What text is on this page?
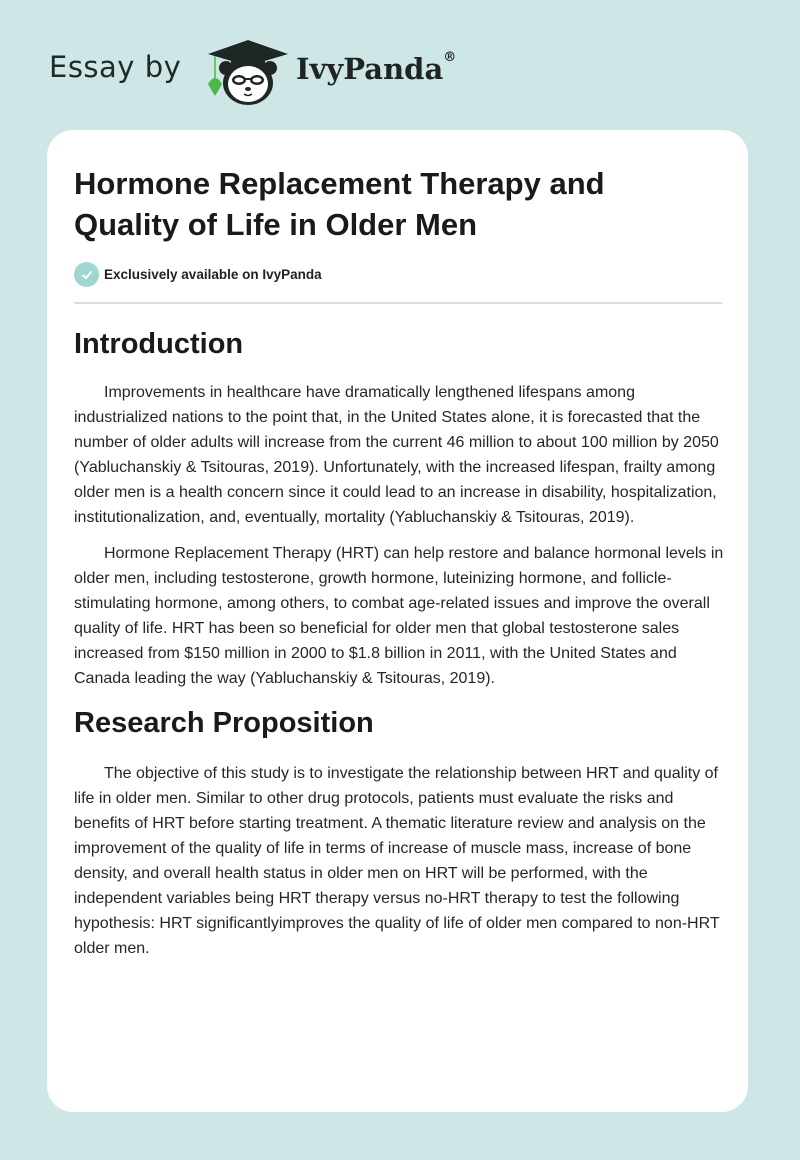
Essay by	IvyPanda®
Hormone Replacement Therapy and Quality of Life in Older Men
Exclusively available on IvyPanda
Introduction

Improvements in healthcare have dramatically lengthened lifespans among industrialized nations to the point that, in the United States alone, it is forecasted that the number of older adults will increase from the current 46 million to about 100 million by 2050 (Yabluchanskiy & Tsitouras, 2019). Unfortunately, with the increased lifespan, frailty among older men is a health concern since it could lead to an increase in disability, hospitalization, institutionalization, and, eventually, mortality (Yabluchanskiy & Tsitouras, 2019).

Hormone Replacement Therapy (HRT) can help restore and balance hormonal levels in older men, including testosterone, growth hormone, luteinizing hormone, and follicle-stimulating hormone, among others, to combat age-related issues and improve the overall quality of life. HRT has been so beneficial for older men that global testosterone sales increased from $150 million in 2000 to $1.8 billion in 2011, with the United States and Canada leading the way (Yabluchanskiy & Tsitouras, 2019).

Research Proposition

The objective of this study is to investigate the relationship between HRT and quality of life in older men. Similar to other drug protocols, patients must evaluate the risks and benefits of HRT before starting treatment. A thematic literature review and analysis on the improvement of the quality of life in terms of increase of muscle mass, increase of bone density, and overall health status in older men on HRT will be performed, with the independent variables being HRT therapy versus no-HRT therapy to test the following hypothesis: HRT significantlyimproves the quality of life of older men compared to non-HRT older men.
